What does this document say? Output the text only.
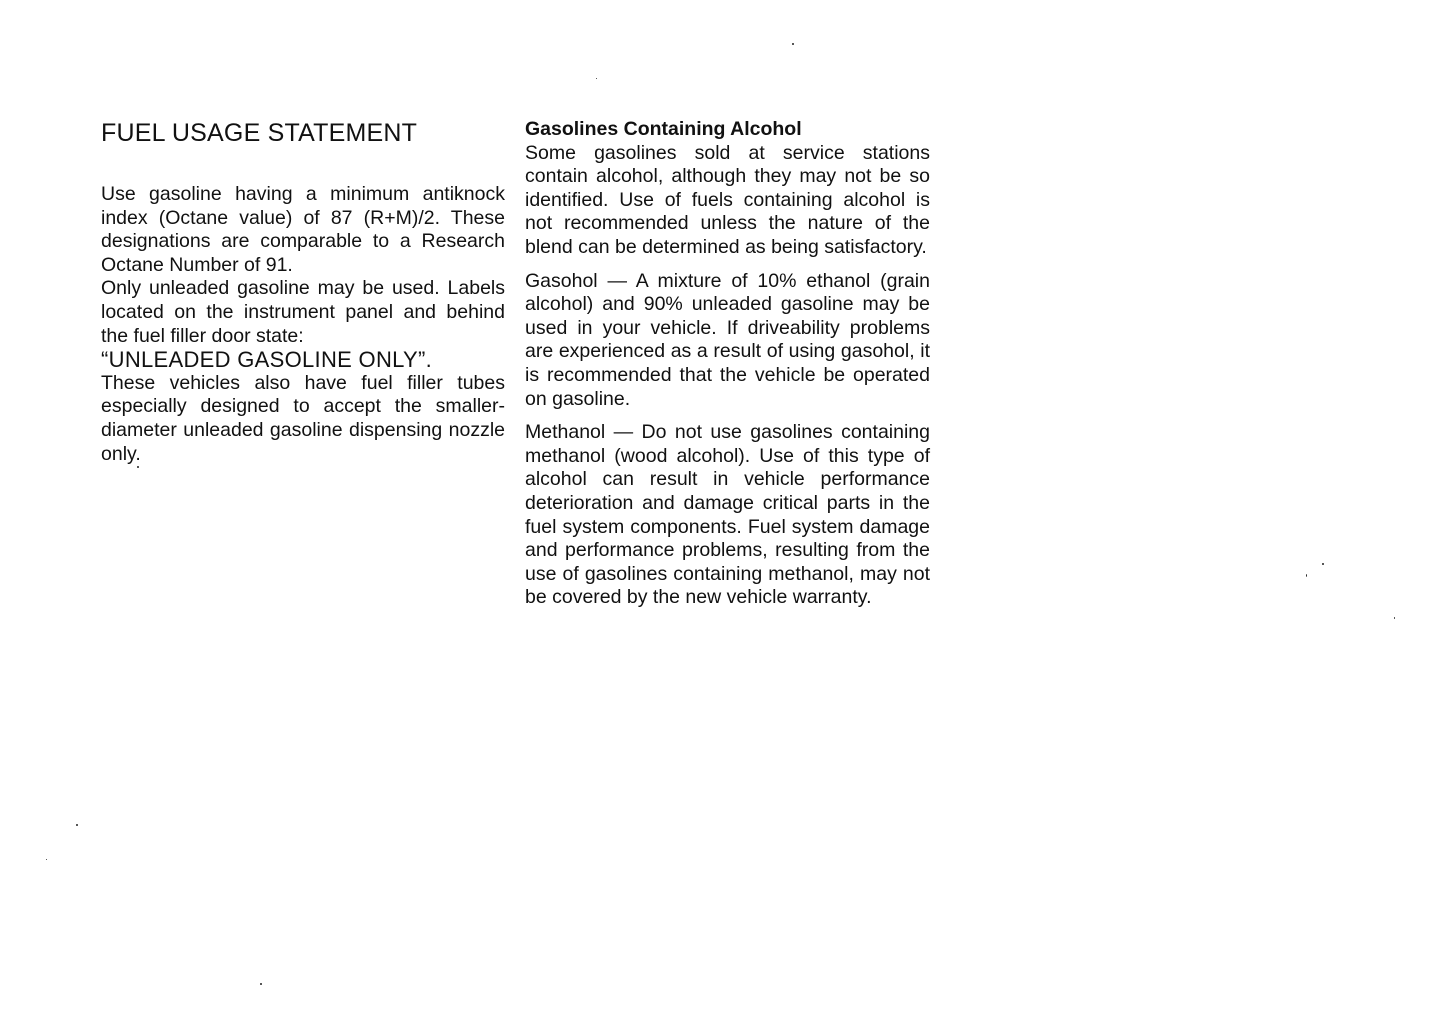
FUEL USAGE STATEMENT

Use gasoline having a minimum antiknock index (Octane value) of 87 (R+M)/2. These designations are comparable to a Research Octane Number of 91.

Only unleaded gasoline may be used. Labels located on the instrument panel and behind the fuel filler door state:

“UNLEADED GASOLINE ONLY”.

These vehicles also have fuel filler tubes especially designed to accept the smaller-diameter unleaded gasoline dispensing nozzle only.

Gasolines Containing Alcohol

Some gasolines sold at service stations contain alcohol, although they may not be so identified. Use of fuels containing alcohol is not recommended unless the nature of the blend can be determined as being satisfactory.

Gasohol — A mixture of 10% ethanol (grain alcohol) and 90% unleaded gasoline may be used in your vehicle. If driveability problems are experienced as a result of using gasohol, it is recommended that the vehicle be operated on gasoline.

Methanol — Do not use gasolines containing methanol (wood alcohol). Use of this type of alcohol can result in vehicle performance deterioration and damage critical parts in the fuel system components. Fuel system damage and performance problems, resulting from the use of gasolines containing methanol, may not be covered by the new vehicle warranty.
